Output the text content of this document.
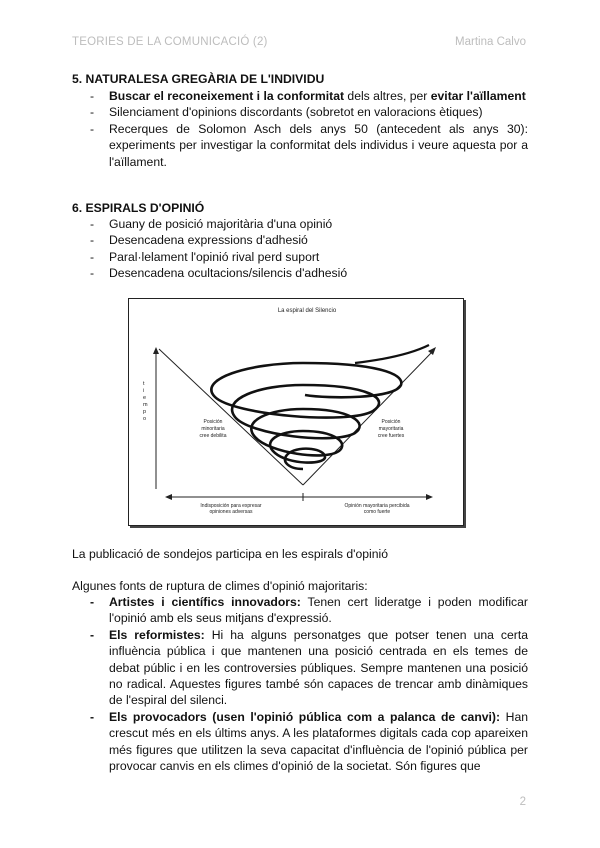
TEORIES DE LA COMUNICACIÓ (2)	Martina Calvo
5. NATURALESA GREGÀRIA DE L'INDIVIDU
- Buscar el reconeixement i la conformitat dels altres, per evitar l'aïllament
- Silenciament d'opinions discordants (sobretot en valoracions ètiques)
- Recerques de Solomon Asch dels anys 50 (antecedent als anys 30): experiments per investigar la conformitat dels individus i veure aquesta por a l'aïllament.
6. ESPIRALS D'OPINIÓ
- Guany de posició majoritària d'una opinió
- Desencadena expressions d'adhesió
- Paral·lelament l'opinió rival perd suport
- Desencadena ocultacions/silencis d'adhesió
La espiral del Silencio
t
i
e
m
p
o	Posición
minoritaria
cree debilita
Posición
mayoritaria
cree fuertes
Indisposición para expresar
opiniones adversas
Opinión mayoritaria percibida
como fuerte
La publicació de sondejos participa en les espirals d'opinió
Algunes fonts de ruptura de climes d'opinió majoritaris:
- Artistes i científics innovadors: Tenen cert lideratge i poden modificar l'opinió amb els seus mitjans d'expressió.
- Els reformistes: Hi ha alguns personatges que potser tenen una certa influència pública i que mantenen una posició centrada en els temes de debat públic i en les controversies públiques. Sempre mantenen una posició no radical. Aquestes figures també són capaces de trencar amb dinàmiques de l'espiral del silenci.
- Els provocadors (usen l'opinió pública com a palanca de canvi): Han crescut més en els últims anys. A les plataformes digitals cada cop apareixen més figures que utilitzen la seva capacitat d'influència de l'opinió pública per provocar canvis en els climes d'opinió de la societat. Són figures que
2
